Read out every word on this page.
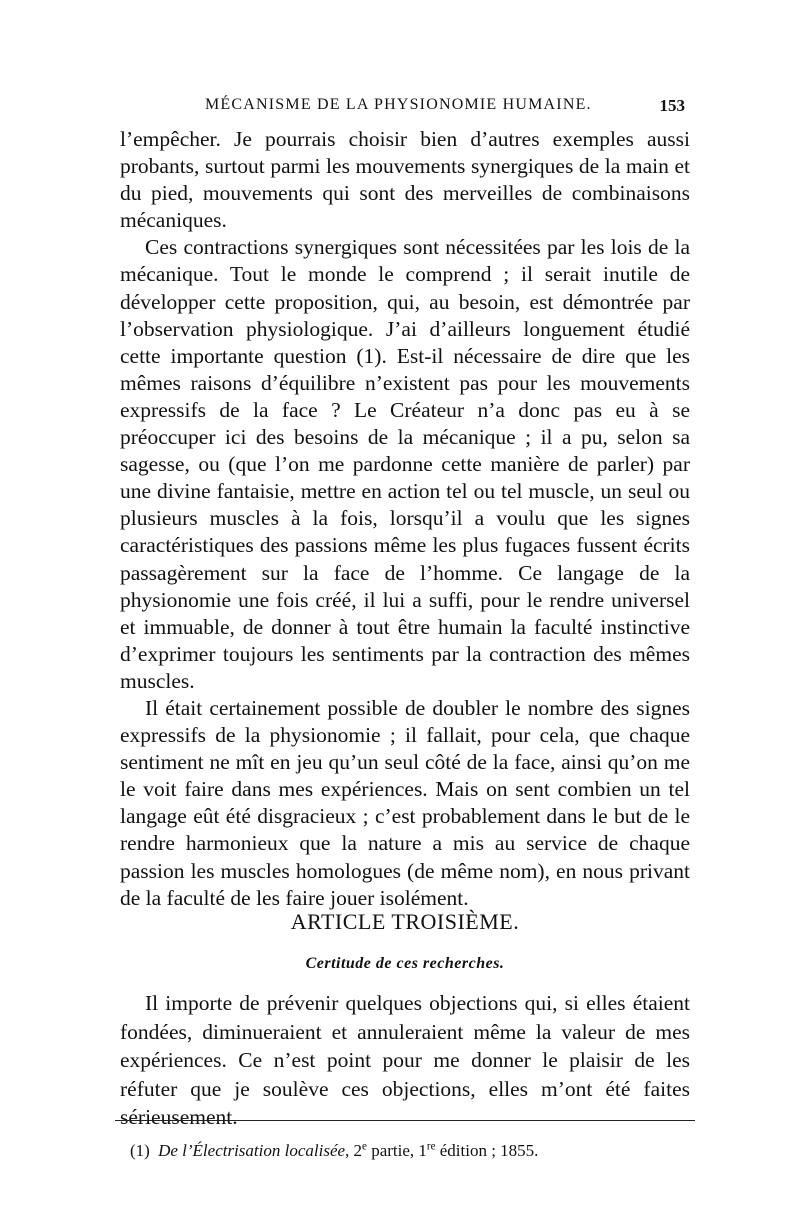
MÉCANISME DE LA PHYSIONOMIE HUMAINE.	153

l’empêcher. Je pourrais choisir bien d’autres exemples aussi probants, surtout parmi les mouvements synergiques de la main et du pied, mouvements qui sont des merveilles de combinaisons mécaniques.

Ces contractions synergiques sont nécessitées par les lois de la mécanique. Tout le monde le comprend ; il serait inutile de développer cette proposition, qui, au besoin, est démontrée par l’observation physiologique. J’ai d’ailleurs longuement étudié cette importante question (1). Est-il nécessaire de dire que les mêmes raisons d’équilibre n’existent pas pour les mouvements expressifs de la face ? Le Créateur n’a donc pas eu à se préoccuper ici des besoins de la mécanique ; il a pu, selon sa sagesse, ou (que l’on me pardonne cette manière de parler) par une divine fantaisie, mettre en action tel ou tel muscle, un seul ou plusieurs muscles à la fois, lorsqu’il a voulu que les signes caractéristiques des passions même les plus fugaces fussent écrits passagèrement sur la face de l’homme. Ce langage de la physionomie une fois créé, il lui a suffi, pour le rendre universel et immuable, de donner à tout être humain la faculté instinctive d’exprimer toujours les sentiments par la contraction des mêmes muscles.

Il était certainement possible de doubler le nombre des signes expressifs de la physionomie ; il fallait, pour cela, que chaque sentiment ne mît en jeu qu’un seul côté de la face, ainsi qu’on me le voit faire dans mes expériences. Mais on sent combien un tel langage eût été disgracieux ; c’est probablement dans le but de le rendre harmonieux que la nature a mis au service de chaque passion les muscles homologues (de même nom), en nous privant de la faculté de les faire jouer isolément.

ARTICLE TROISIÈME.
Certitude de ces recherches.

Il importe de prévenir quelques objections qui, si elles étaient fondées, diminueraient et annuleraient même la valeur de mes expériences. Ce n’est point pour me donner le plaisir de les réfuter que je soulève ces objections, elles m’ont été faites sérieusement.

(1) De l’Électrisation localisée, 2e partie, 1re édition ; 1855.
